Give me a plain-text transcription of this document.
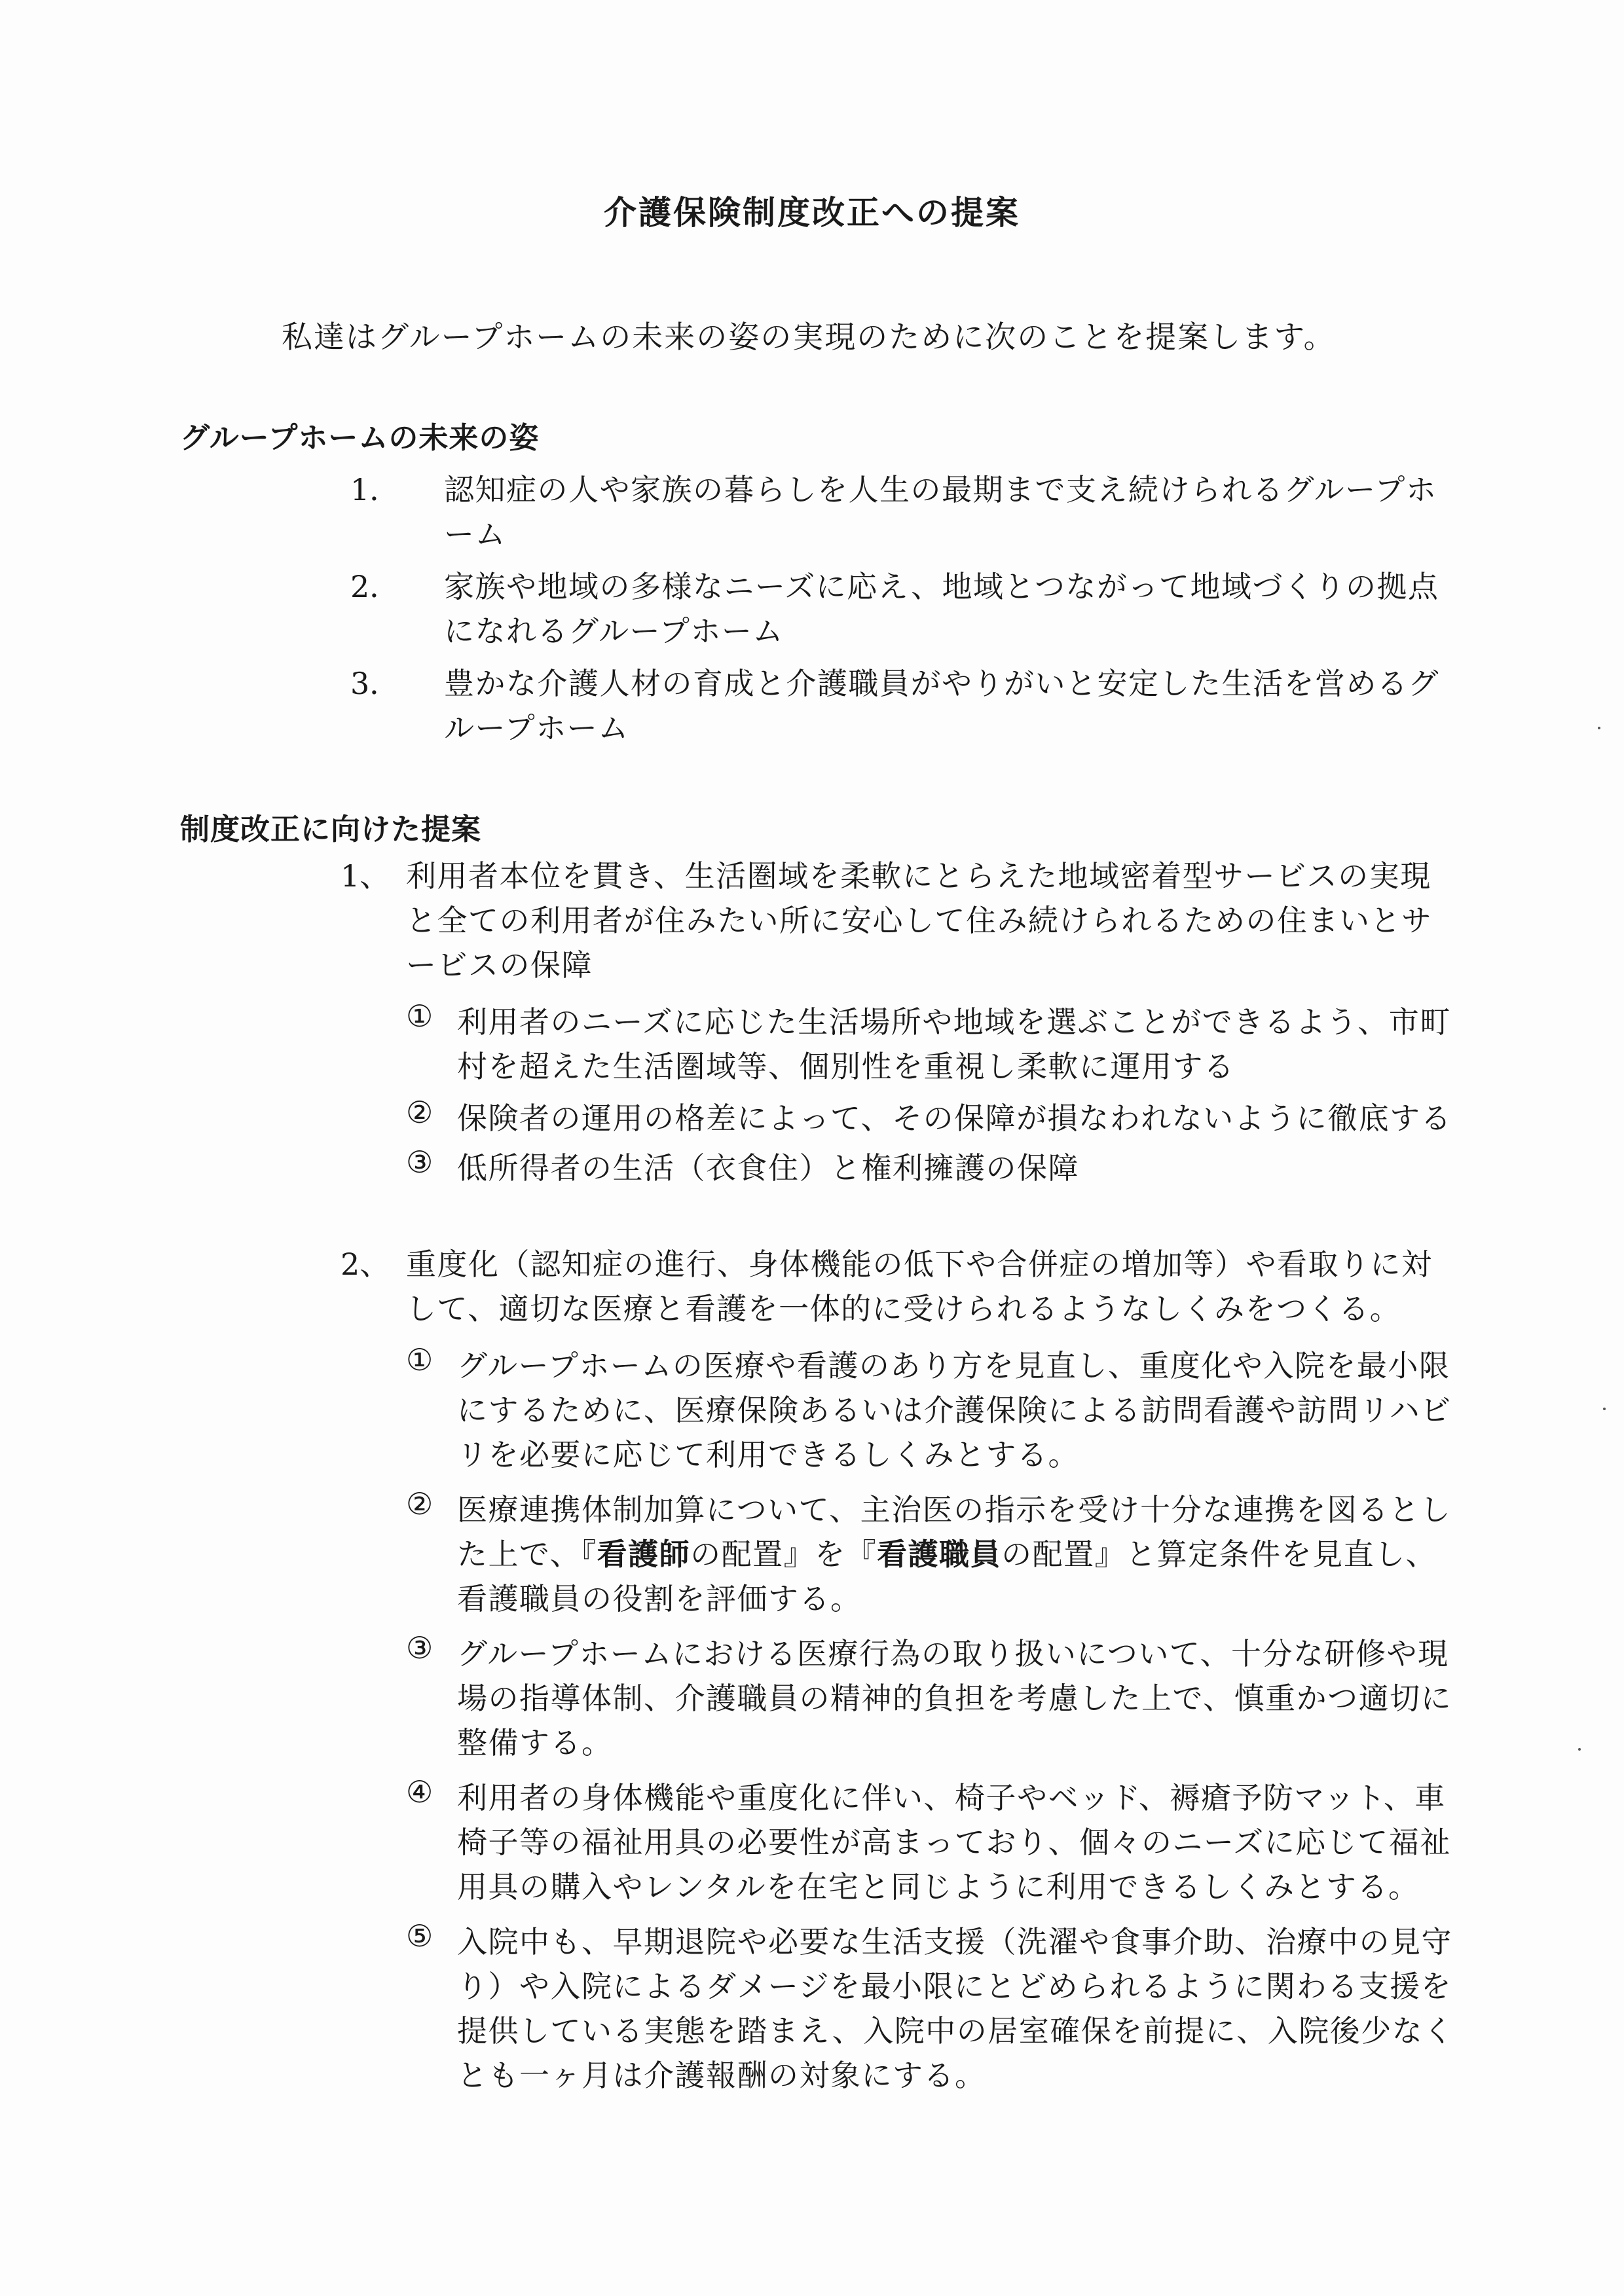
介護保険制度改正への提案
私達はグループホームの未来の姿の実現のために次のことを提案します。
グループホームの未来の姿
1． 認知症の人や家族の暮らしを人生の最期まで支え続けられるグループホ
ーム
2． 家族や地域の多様なニーズに応え、地域とつながって地域づくりの拠点
になれるグループホーム
3． 豊かな介護人材の育成と介護職員がやりがいと安定した生活を営めるグ
ループホーム
制度改正に向けた提案
1、 利用者本位を貫き、生活圏域を柔軟にとらえた地域密着型サービスの実現
と全ての利用者が住みたい所に安心して住み続けられるための住まいとサ
ービスの保障
① 利用者のニーズに応じた生活場所や地域を選ぶことができるよう、市町
村を超えた生活圏域等、個別性を重視し柔軟に運用する
② 保険者の運用の格差によって、その保障が損なわれないように徹底する
③ 低所得者の生活（衣食住）と権利擁護の保障
2、 重度化（認知症の進行、身体機能の低下や合併症の増加等）や看取りに対
して、適切な医療と看護を一体的に受けられるようなしくみをつくる。
① グループホームの医療や看護のあり方を見直し、重度化や入院を最小限
にするために、医療保険あるいは介護保険による訪問看護や訪問リハビ
リを必要に応じて利用できるしくみとする。
② 医療連携体制加算について、主治医の指示を受け十分な連携を図るとし
た上で、『看護師の配置』を『看護職員の配置』と算定条件を見直し、
看護職員の役割を評価する。
③ グループホームにおける医療行為の取り扱いについて、十分な研修や現
場の指導体制、介護職員の精神的負担を考慮した上で、慎重かつ適切に
整備する。
④ 利用者の身体機能や重度化に伴い、椅子やベッド、褥瘡予防マット、車
椅子等の福祉用具の必要性が高まっており、個々のニーズに応じて福祉
用具の購入やレンタルを在宅と同じように利用できるしくみとする。
⑤ 入院中も、早期退院や必要な生活支援（洗濯や食事介助、治療中の見守
り）や入院によるダメージを最小限にとどめられるように関わる支援を
提供している実態を踏まえ、入院中の居室確保を前提に、入院後少なく
とも一ヶ月は介護報酬の対象にする。
